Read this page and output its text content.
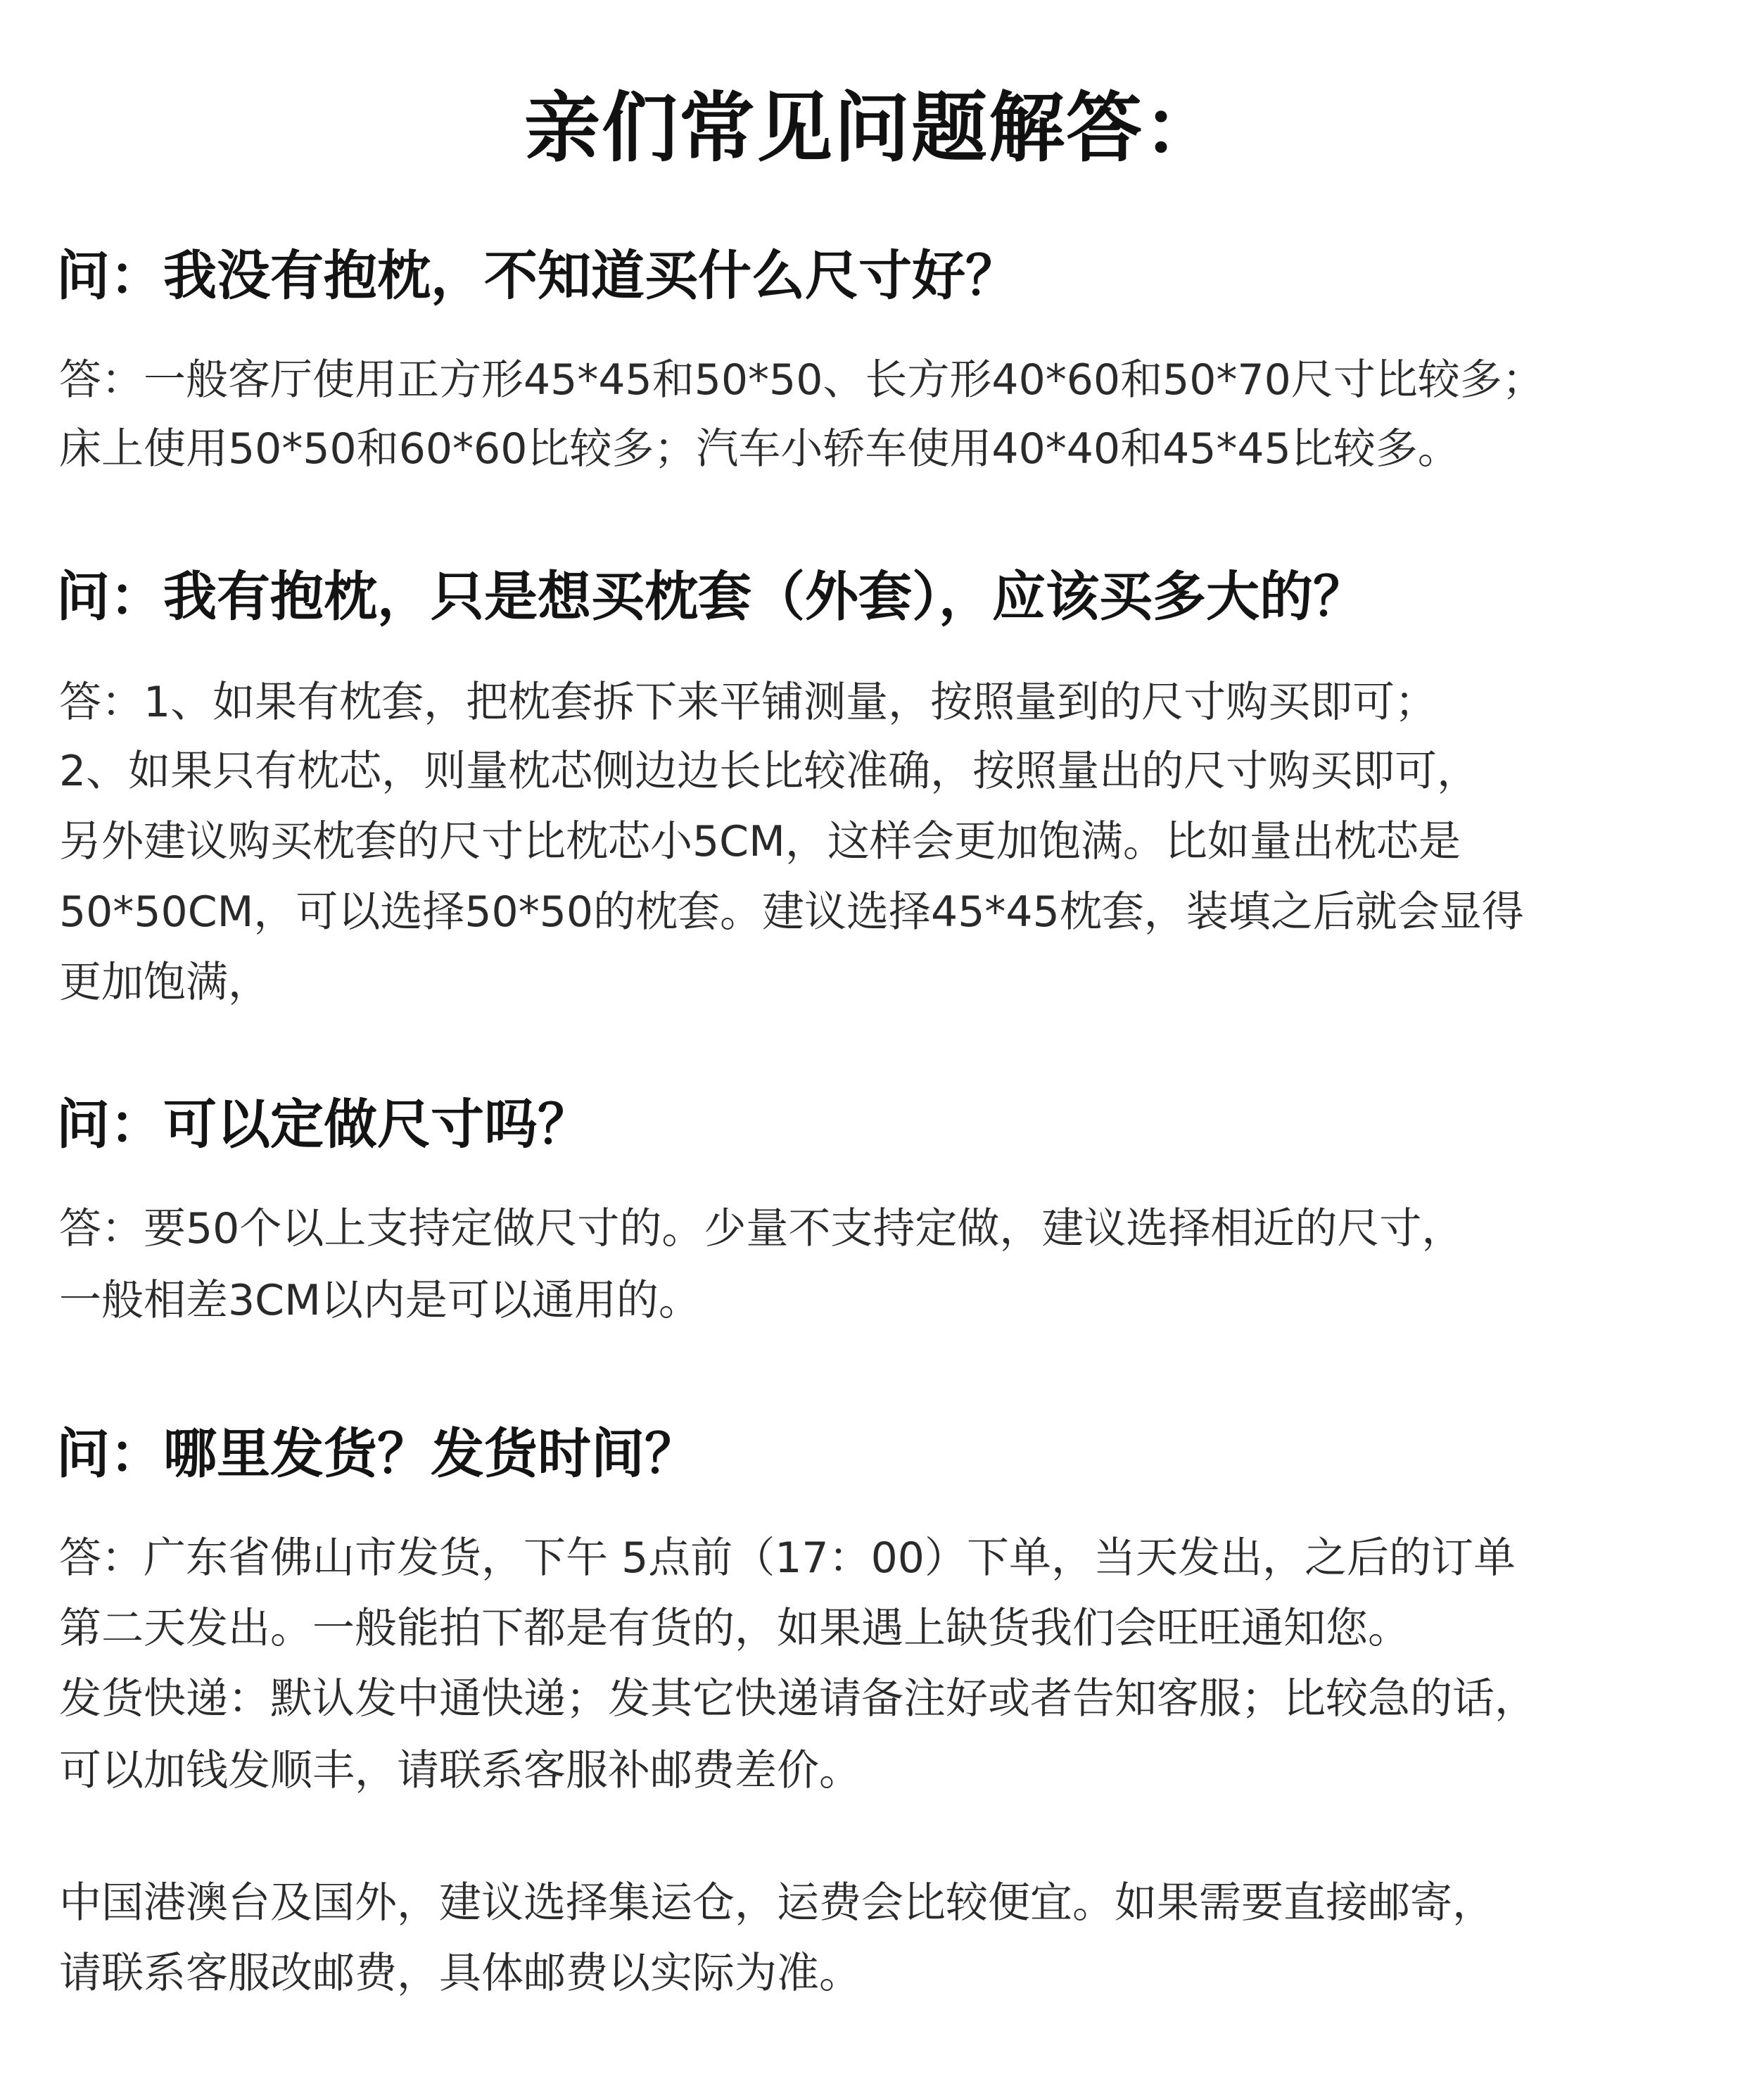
亲们常见问题解答：
问：我没有抱枕，不知道买什么尺寸好？
答：一般客厅使用正方形45*45和50*50、长方形40*60和50*70尺寸比较多；
床上使用50*50和60*60比较多；汽车小轿车使用40*40和45*45比较多。
问：我有抱枕，只是想买枕套（外套），应该买多大的？
答：1、如果有枕套，把枕套拆下来平铺测量，按照量到的尺寸购买即可；
2、如果只有枕芯，则量枕芯侧边边长比较准确，按照量出的尺寸购买即可，
另外建议购买枕套的尺寸比枕芯小5CM，这样会更加饱满。比如量出枕芯是
50*50CM，可以选择50*50的枕套。建议选择45*45枕套，装填之后就会显得
更加饱满，
问：可以定做尺寸吗？
答：要50个以上支持定做尺寸的。少量不支持定做，建议选择相近的尺寸，
一般相差3CM以内是可以通用的。
问：哪里发货？发货时间？
答：广东省佛山市发货，下午 5点前（17：00）下单，当天发出，之后的订单
第二天发出。一般能拍下都是有货的，如果遇上缺货我们会旺旺通知您。
发货快递：默认发中通快递；发其它快递请备注好或者告知客服；比较急的话，
可以加钱发顺丰，请联系客服补邮费差价。
中国港澳台及国外，建议选择集运仓，运费会比较便宜。如果需要直接邮寄，
请联系客服改邮费，具体邮费以实际为准。
